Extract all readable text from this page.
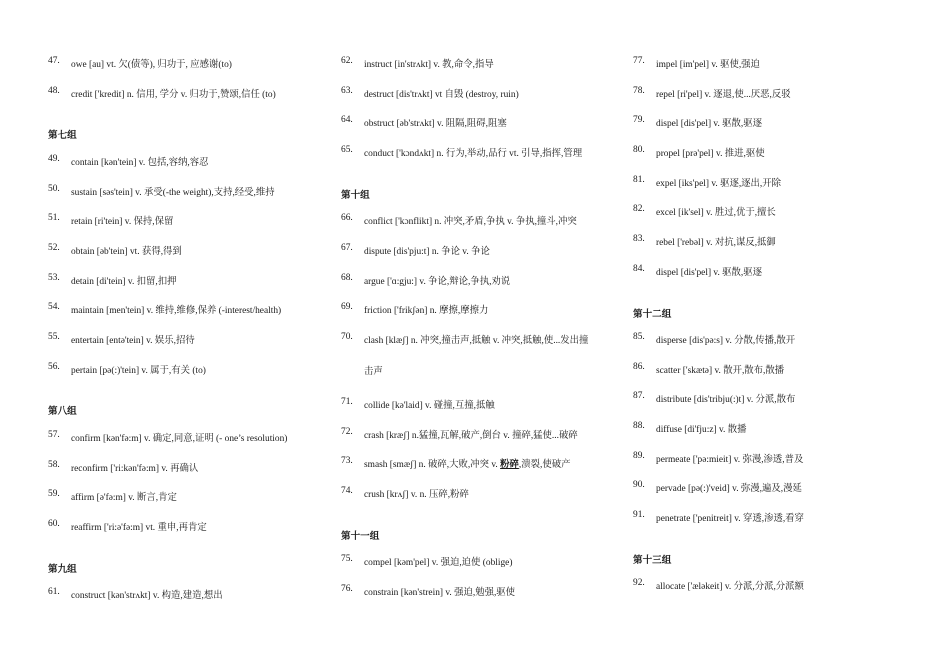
47. owe [au] vt. 欠(债等), 归功于, 应感谢(to)
48. credit ['kredit] n. 信用, 学分 v. 归功于,赞颂,信任 (to)
第七组
49. contain [kən'tein] v. 包括,容纳,容忍
50. sustain [səs'tein] v. 承受(-the weight),支持,经受,维持
51. retain [ri'tein] v. 保持,保留
52. obtain [əb'tein] vt. 获得,得到
53. detain [di'tein] v. 扣留,扣押
54. maintain [men'tein] v. 维持,维修,保养 (-interest/health)
55. entertain [entə'tein] v. 娱乐,招待
56. pertain [pə(:)'tein] v. 属于,有关 (to)
第八组
57. confirm [kən'fə:m] v. 确定,同意,证明 (- one’s resolution)
58. reconfirm ['ri:kən'fə:m] v. 再确认
59. affirm [ə'fə:m] v. 断言,肯定
60. reaffirm ['ri:ə'fə:m] vt. 重申,再肯定
第九组
61. construct [kən'strʌkt] v. 构造,建造,想出
62. instruct [in'strʌkt] v. 教,命令,指导
63. destruct [dis'trʌkt] vt 自毁 (destroy, ruin)
64. obstruct [əb'strʌkt] v. 阻隔,阻碍,阻塞
65. conduct ['kɔndʌkt] n. 行为,举动,品行 vt. 引导,指挥,管理
第十组
66. conflict ['kɔnflikt] n. 冲突,矛盾,争执 v. 争执,撞斗,冲突
67. dispute [dis'pju:t] n. 争论 v. 争论
68. argue ['ɑ:gju:] v. 争论,辩论,争执,劝说
69. friction ['frikʃən] n. 摩擦,摩擦力
70. clash [klæʃ] n. 冲突,撞击声,抵触 v. 冲突,抵触,使...发出撞
击声
71. collide [kə'laid] v. 碰撞,互撞,抵触
72. crash [kræʃ] n.猛撞,瓦解,破产,倒台 v. 撞碎,猛使...破碎
73. smash [smæʃ] n. 破碎,大败,冲突 v. 粉碎,溃裂,使破产
74. crush [krʌʃ] v. n. 压碎,粉碎
第十一组
75. compel [kəm'pel] v. 强迫,迫使 (oblige)
76. constrain [kən'strein] v. 强迫,勉强,驱使
77. impel [im'pel] v. 驱使,强迫
78. repel [ri'pel] v. 逐退,使...厌恶,反驳
79. dispel [dis'pel] v. 驱散,驱逐
80. propel [prə'pel] v. 推进,驱使
81. expel [iks'pel] v. 驱逐,逐出,开除
82. excel [ik'sel] v. 胜过,优于,擅长
83. rebel ['rebəl] v. 对抗,谋反,抵御
84. dispel [dis'pel] v. 驱散,驱逐
第十二组
85. disperse [dis'pə:s] v. 分散,传播,散开
86. scatter ['skætə] v. 散开,散布,散播
87. distribute [dis'tribju(:)t] v. 分派,散布
88. diffuse [di'fju:z] v. 散播
89. permeate ['pə:mieit] v. 弥漫,渗透,普及
90. pervade [pə(:)'veid] v. 弥漫,遍及,漫延
91. penetrate ['penitreit] v. 穿透,渗透,看穿
第十三组
92. allocate ['æləkeit] v. 分派,分派,分派额
